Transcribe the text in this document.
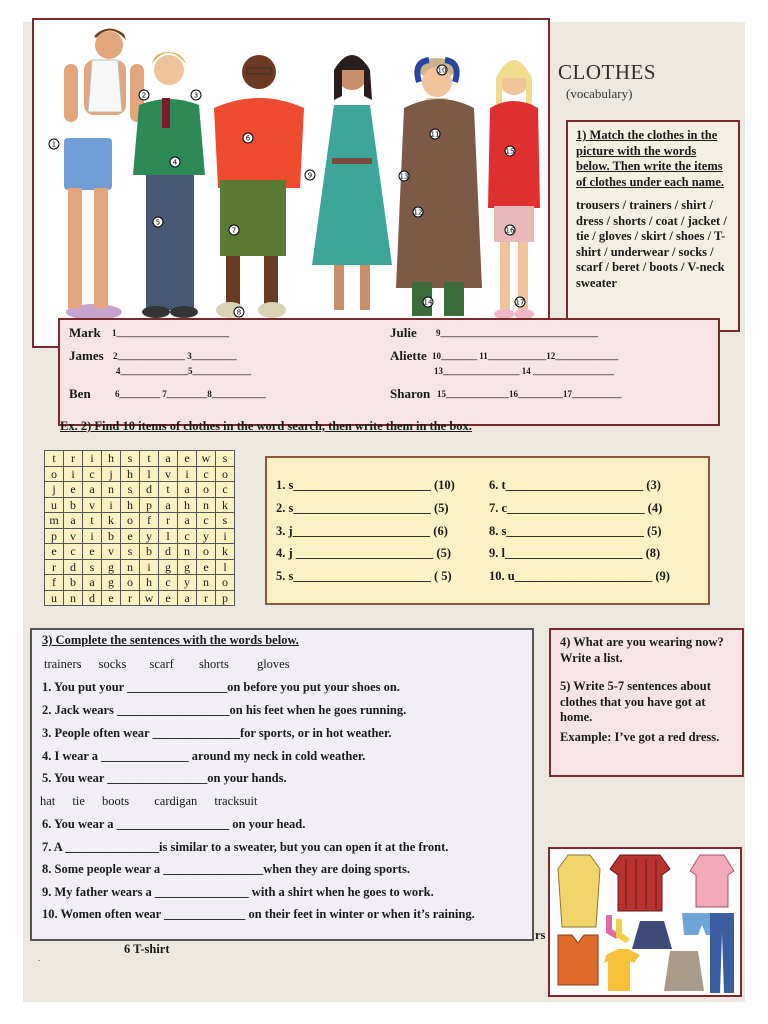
1
2	3
4
5
6
7
8
9
10
11
12
13
14
15
16
17
CLOTHES
(vocabulary)
1) Match the clothes in the picture with the words below. Then write the items of clothes under each name.
trousers / trainers / shirt / dress / shorts / coat / jacket / tie / gloves / skirt / shoes / T-shirt / underwear / socks / scarf / beret / boots / V-neck sweater
Mark 1_________________________
James 2_______________ 3__________
4_______________5_____________
Ben	6_________ 7_________8____________
Julie 9___________________________________
Aliette 10________ 11_____________12______________
13_________________ 14 __________________
Sharon 15______________16__________17___________
Ex. 2) Find 10 items of clothes in the word search, then write them in the box.
t	r	i	h	s	t	a	e	w	s
o	i	c	j	h	l	v	i	c	o
j	e	a	n	s	d	t	a	o	c
u	b	v	i	h	p	a	h	n	k
m	a	t	k	o	f	r	a	c	s
p	v	i	b	e	y	l	c	y	i
e	c	e	v	s	b	d	n	o	k
r	d	s	g	n	i	g	g	e	l
f	b	a	g	o	h	c	y	n	o
u	n	d	e	r	w	e	a	r	p
1. s______________________ (10)
2. s______________________ (5)
3. j______________________ (6)
4. j ______________________ (5)
5. s______________________ ( 5)
6. t______________________ (3)
7. c______________________ (4)
8. s______________________ (5)
9. l______________________ (8)
10. u______________________ (9)
3) Complete the sentences with the words below.
trainers socks scarf shorts gloves
1. You put your ________________on before you put your shoes on.
2. Jack wears __________________on his feet when he goes running.
3. People often wear ______________for sports, or in hot weather.
4. I wear a ______________ around my neck in cold weather.
5. You wear ________________on your hands.
hat tie boots cardigan tracksuit
6. You wear a __________________ on your head.
7. A _______________is similar to a sweater, but you can open it at the front.
8. Some people wear a ________________when they are doing sports.
9. My father wears a _______________ with a shirt when he goes to work.
10. Women often wear _____________ on their feet in winter or when it’s raining.

4) What are you wearing now? Write a list.

5) Write 5-7 sentences about clothes that you have got at home.

Example: I’ve got a red dress.

rs
6 T-shirt
.
